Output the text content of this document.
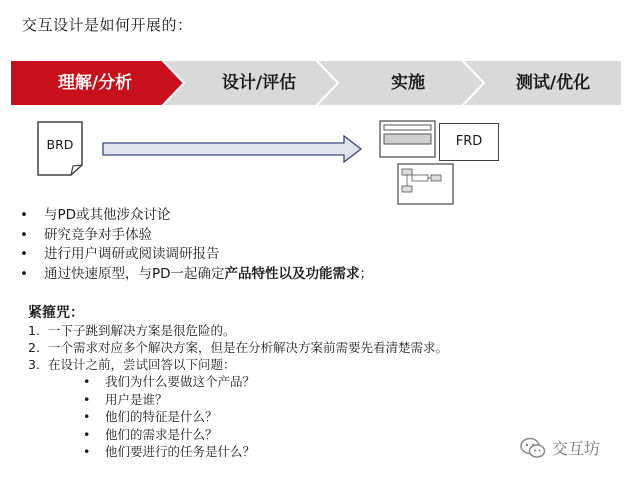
交互设计是如何开展的：
理解/分析	设计/评估	实施	测试/优化
BRD	FRD
• 与PD或其他涉众讨论
• 研究竞争对手体验
• 进行用户调研或阅读调研报告
• 通过快速原型，与PD一起确定产品特性以及功能需求；
紧箍咒：
1. 一下子跳到解决方案是很危险的。
2. 一个需求对应多个解决方案，但是在分析解决方案前需要先看清楚需求。
3. 在设计之前，尝试回答以下问题：
• 我们为什么要做这个产品？
• 用户是谁？
• 他们的特征是什么？
• 他们的需求是什么？
• 他们要进行的任务是什么？	交互坊
